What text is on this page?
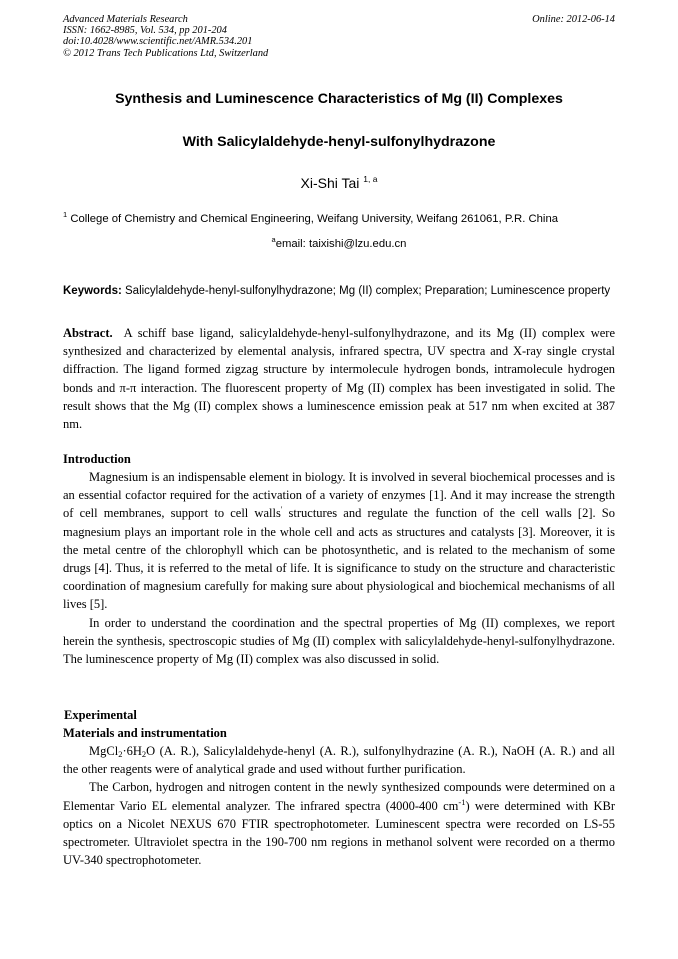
Advanced Materials Research
ISSN: 1662-8985, Vol. 534, pp 201-204
doi:10.4028/www.scientific.net/AMR.534.201
© 2012 Trans Tech Publications Ltd, Switzerland
Online: 2012-06-14
Synthesis and Luminescence Characteristics of Mg (II) Complexes
With Salicylaldehyde-henyl-sulfonylhydrazone
Xi-Shi Tai $^{1, a}$
$^1$ College of Chemistry and Chemical Engineering, Weifang University, Weifang 261061, P.R. China
$^a$email: taixishi@lzu.edu.cn
Keywords: Salicylaldehyde-henyl-sulfonylhydrazone; Mg (II) complex; Preparation; Luminescence property
Abstract. A schiff base ligand, salicylaldehyde-henyl-sulfonylhydrazone, and its Mg (II) complex were synthesized and characterized by elemental analysis, infrared spectra, UV spectra and X-ray single crystal diffraction. The ligand formed zigzag structure by intermolecule hydrogen bonds, intramolecule hydrogen bonds and π-π interaction. The fluorescent property of Mg (II) complex has been investigated in solid. The result shows that the Mg (II) complex shows a luminescence emission peak at 517 nm when excited at 387 nm.
Introduction

Magnesium is an indispensable element in biology. It is involved in several biochemical processes and is an essential cofactor required for the activation of a variety of enzymes [1]. And it may increase the strength of cell membranes, support to cell walls' structures and regulate the function of the cell walls [2]. So magnesium plays an important role in the whole cell and acts as structures and catalysts [3]. Moreover, it is the metal centre of the chlorophyll which can be photosynthetic, and is related to the mechanism of some drugs [4]. Thus, it is referred to the metal of life. It is significance to study on the structure and characteristic coordination of magnesium carefully for making sure about physiological and biochemical mechanisms of all lives [5].

In order to understand the coordination and the spectral properties of Mg (II) complexes, we report herein the synthesis, spectroscopic studies of Mg (II) complex with salicylaldehyde-henyl-sulfonylhydrazone. The luminescence property of Mg (II) complex was also discussed in solid.

Experimental
Materials and instrumentation

$MgCl_2\cdot 6H_2O$ (A. R.), Salicylaldehyde-henyl (A. R.), sulfonylhydrazine (A. R.), NaOH (A. R.) and all the other reagents were of analytical grade and used without further purification.

The Carbon, hydrogen and nitrogen content in the newly synthesized compounds were determined on a Elementar Vario EL elemental analyzer. The infrared spectra (4000-400 $cm^{-1}$) were determined with KBr optics on a Nicolet NEXUS 670 FTIR spectrophotometer. Luminescent spectra were recorded on LS-55 spectrometer. Ultraviolet spectra in the 190-700 nm regions in methanol solvent were recorded on a thermo UV-340 spectrophotometer.
